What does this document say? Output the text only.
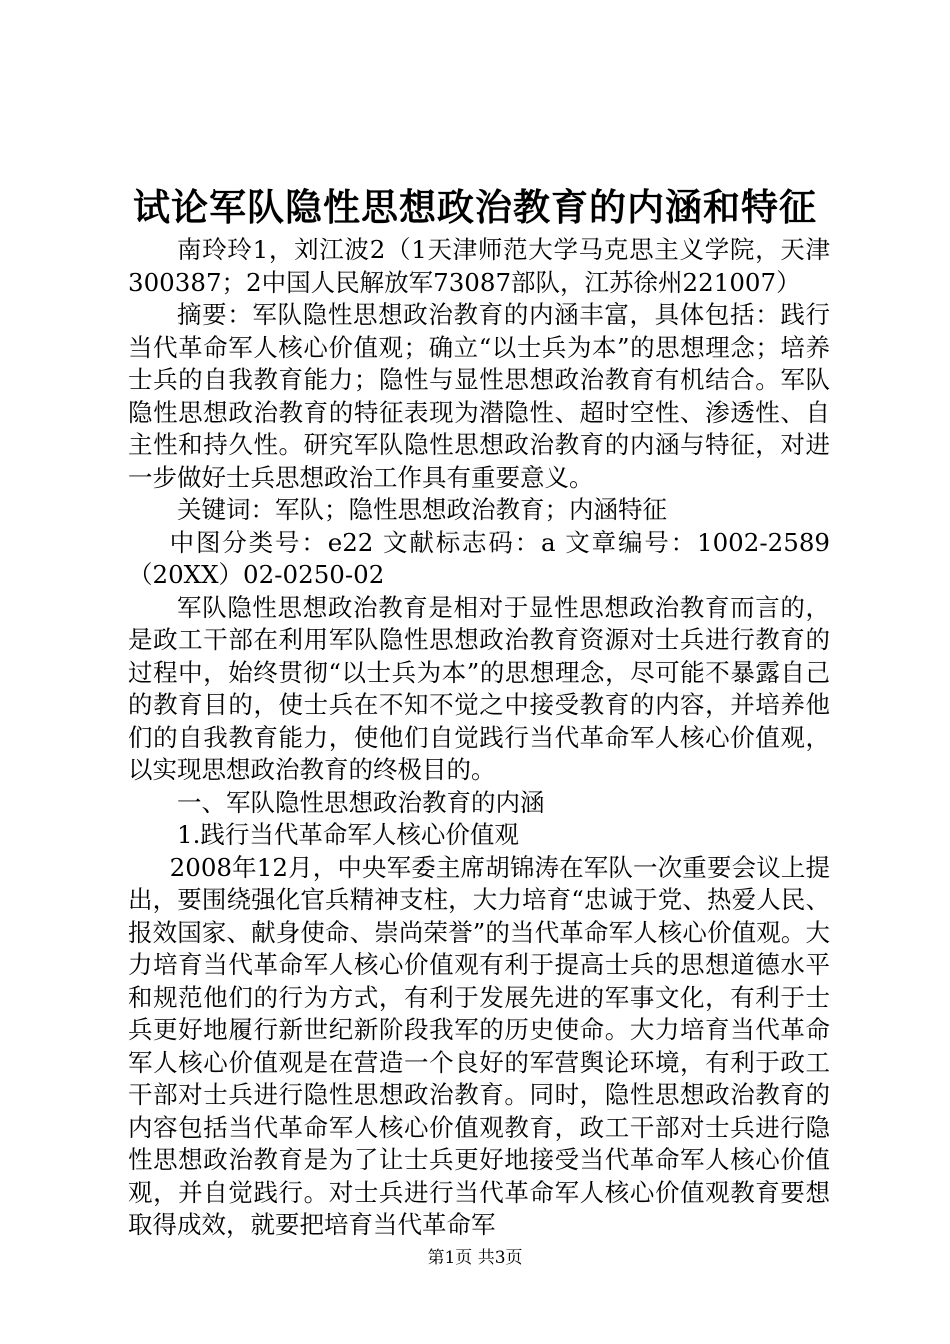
试论军队隐性思想政治教育的内涵和特征

南玲玲1，刘江波2（1天津师范大学马克思主义学院，天津300387；2中国人民解放军73087部队，江苏徐州221007）

摘要：军队隐性思想政治教育的内涵丰富，具体包括：践行当代革命军人核心价值观；确立“以士兵为本”的思想理念；培养士兵的自我教育能力；隐性与显性思想政治教育有机结合。军队隐性思想政治教育的特征表现为潜隐性、超时空性、渗透性、自主性和持久性。研究军队隐性思想政治教育的内涵与特征，对进一步做好士兵思想政治工作具有重要意义。

关键词：军队；隐性思想政治教育；内涵特征

中图分类号：e22 文献标志码：a 文章编号：1002-2589（20XX）02-0250-02

军队隐性思想政治教育是相对于显性思想政治教育而言的，是政工干部在利用军队隐性思想政治教育资源对士兵进行教育的过程中，始终贯彻“以士兵为本”的思想理念，尽可能不暴露自己的教育目的，使士兵在不知不觉之中接受教育的内容，并培养他们的自我教育能力，使他们自觉践行当代革命军人核心价值观，以实现思想政治教育的终极目的。

一、军队隐性思想政治教育的内涵

1.践行当代革命军人核心价值观

2008年12月，中央军委主席胡锦涛在军队一次重要会议上提出，要围绕强化官兵精神支柱，大力培育“忠诚于党、热爱人民、报效国家、献身使命、崇尚荣誉”的当代革命军人核心价值观。大力培育当代革命军人核心价值观有利于提高士兵的思想道德水平和规范他们的行为方式，有利于发展先进的军事文化，有利于士兵更好地履行新世纪新阶段我军的历史使命。大力培育当代革命军人核心价值观是在营造一个良好的军营舆论环境，有利于政工干部对士兵进行隐性思想政治教育。同时，隐性思想政治教育的内容包括当代革命军人核心价值观教育，政工干部对士兵进行隐性思想政治教育是为了让士兵更好地接受当代革命军人核心价值观，并自觉践行。对士兵进行当代革命军人核心价值观教育要想取得成效，就要把培育当代革命军

第1页 共3页
